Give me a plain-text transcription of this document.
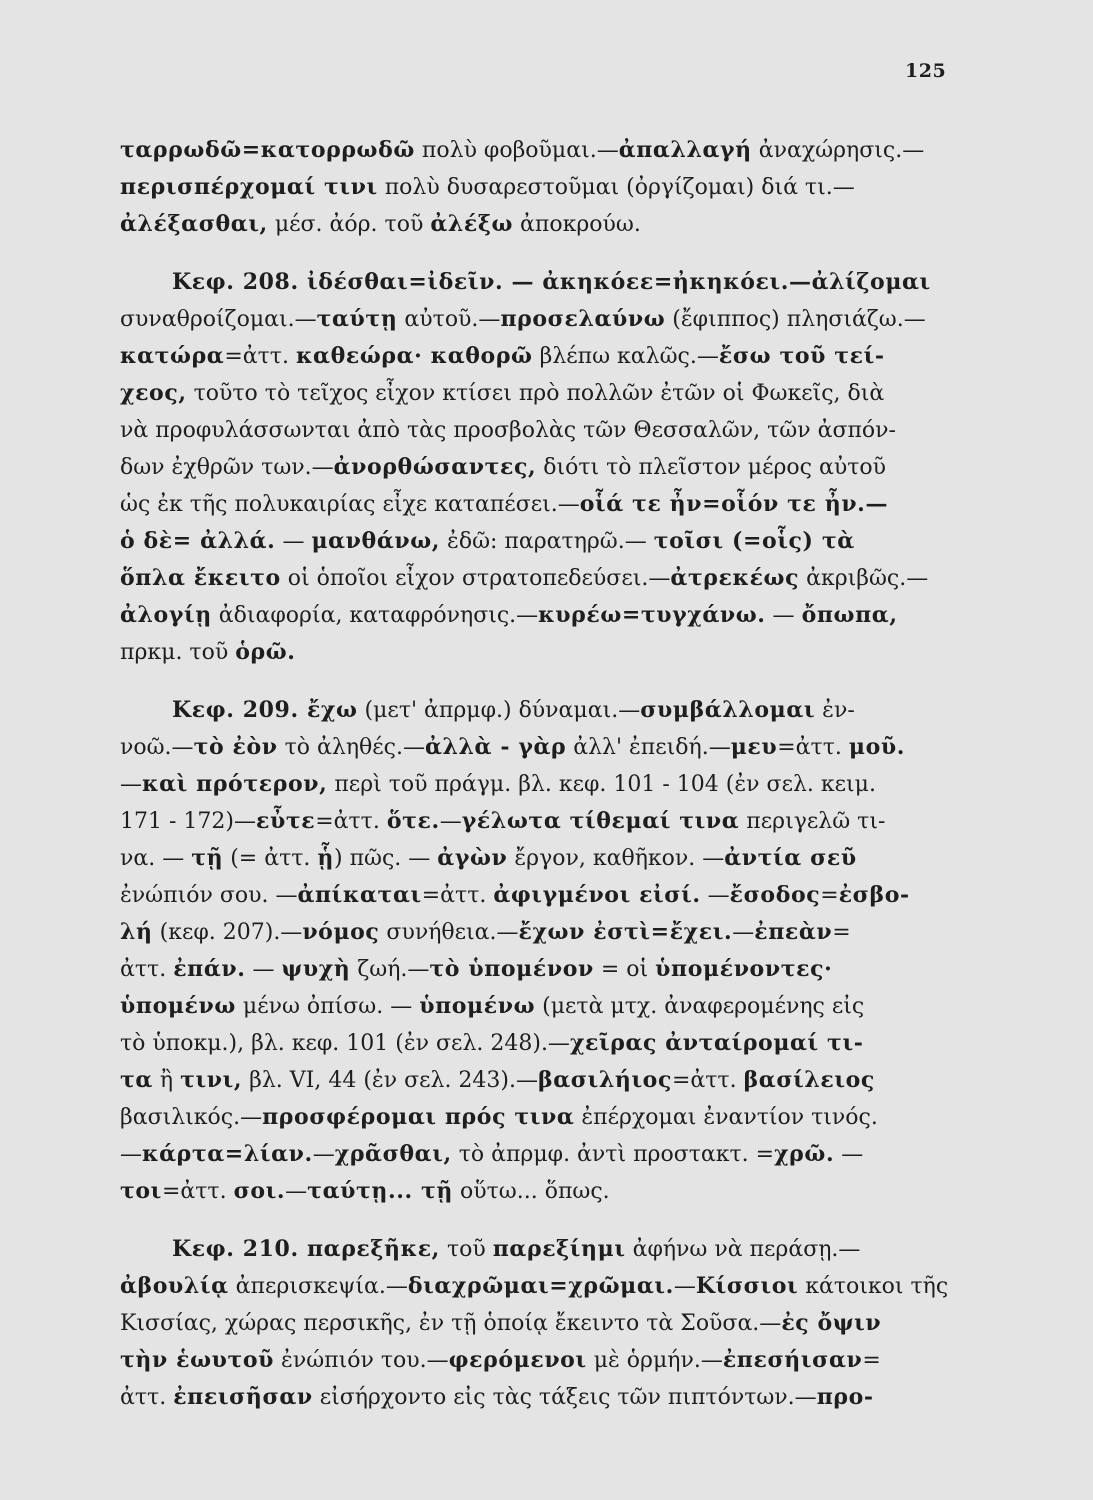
125
ταρρωδῶ=κατορρωδῶ πολὺ φοβοῦμαι.—ἀπαλλαγή ἀναχώρησις.—
περισπέρχομαί τινι πολὺ δυσαρεστοῦμαι (ὀργίζομαι) διά τι.—
ἀλέξασθαι, μέσ. ἀόρ. τοῦ ἀλέξω ἀποκρούω.
Κεφ. 208. ἰδέσθαι=ἰδεῖν. — ἀκηκόεε=ἠκηκόει.—ἀλίζομαι
συναθροίζομαι.—ταύτῃ αὐτοῦ.—προσελαύνω (ἔφιππος) πλησιάζω.—
κατώρα=ἀττ. καθεώρα· καθορῶ βλέπω καλῶς.—ἔσω τοῦ τεί-
χεος, τοῦτο τὸ τεῖχος εἶχον κτίσει πρὸ πολλῶν ἐτῶν οἱ Φωκεῖς, διὰ
νὰ προφυλάσσωνται ἀπὸ τὰς προσβολὰς τῶν Θεσσαλῶν, τῶν ἀσπόν-
δων ἐχθρῶν των.—ἀνορθώσαντες, διότι τὸ πλεῖστον μέρος αὐτοῦ
ὡς ἐκ τῆς πολυκαιρίας εἶχε καταπέσει.—οἷά τε ἦν=οἷόν τε ἦν.—
ὁ δὲ= ἀλλά. — μανθάνω, ἐδῶ: παρατηρῶ.— τοῖσι (=οἷς) τὰ
ὅπλα ἔκειτο οἱ ὁποῖοι εἶχον στρατοπεδεύσει.—ἀτρεκέως ἀκριβῶς.—
ἀλογίῃ ἀδιαφορία, καταφρόνησις.—κυρέω=τυγχάνω. — ὄπωπα,
πρκμ. τοῦ ὁρῶ.
Κεφ. 209. ἔχω (μετ' ἀπρμφ.) δύναμαι.—συμβάλλομαι ἐν-
νοῶ.—τὸ ἐὸν τὸ ἀληθές.—ἀλλὰ - γὰρ ἀλλ' ἐπειδή.—μευ=ἀττ. μοῦ.
—καὶ πρότερον, περὶ τοῦ πράγμ. βλ. κεφ. 101 - 104 (ἐν σελ. κειμ.
171 - 172)—εὖτε=ἀττ. ὅτε.—γέλωτα τίθεμαί τινα περιγελῶ τι-
να. — τῇ (= ἀττ. ᾗ) πῶς. — ἀγὼν ἔργον, καθῆκον. —ἀντία σεῦ
ἐνώπιόν σου. —ἀπίκαται=ἀττ. ἀφιγμένοι εἰσί. —ἔσοδος=ἐσβο-
λή (κεφ. 207).—νόμος συνήθεια.—ἔχων ἐστὶ=ἔχει.—ἐπεὰν=
ἀττ. ἐπάν. — ψυχὴ ζωή.—τὸ ὑπομένον = οἱ ὑπομένοντες·
ὑπομένω μένω ὀπίσω. — ὑπομένω (μετὰ μτχ. ἀναφερομένης εἰς
τὸ ὑποκμ.), βλ. κεφ. 101 (ἐν σελ. 248).—χεῖρας ἀνταίρομαί τι-
τα ἢ τινι, βλ. VI, 44 (ἐν σελ. 243).—βασιλήιος=ἀττ. βασίλειος
βασιλικός.—προσφέρομαι πρός τινα ἐπέρχομαι ἐναντίον τινός.
—κάρτα=λίαν.—χρᾶσθαι, τὸ ἀπρμφ. ἀντὶ προστακτ. =χρῶ. —
τοι=ἀττ. σοι.—ταύτῃ... τῇ οὕτω... ὅπως.
Κεφ. 210. παρεξῆκε, τοῦ παρεξίημι ἀφήνω νὰ περάσῃ.—
ἀβουλίᾳ ἀπερισκεψία.—διαχρῶμαι=χρῶμαι.—Κίσσιοι κάτοικοι τῆς
Κισσίας, χώρας περσικῆς, ἐν τῇ ὁποίᾳ ἔκειντο τὰ Σοῦσα.—ἐς ὄψιν
τὴν ἑωυτοῦ ἐνώπιόν του.—φερόμενοι μὲ ὁρμήν.—ἐπεσήισαν=
ἀττ. ἐπεισῆσαν εἰσήρχοντο εἰς τὰς τάξεις τῶν πιπτόντων.—προ-
